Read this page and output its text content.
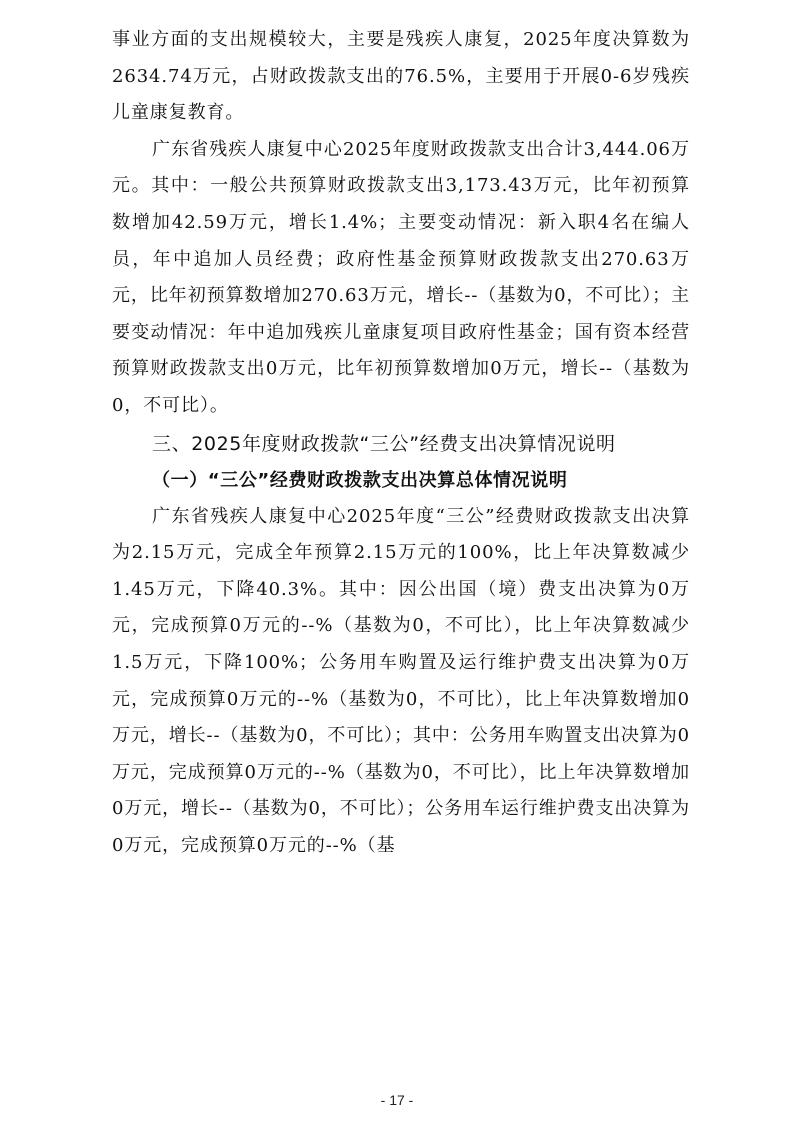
事业方面的支出规模较大，主要是残疾人康复，2025年度决算数为2634.74万元，占财政拨款支出的76.5%，主要用于开展0-6岁残疾儿童康复教育。

广东省残疾人康复中心2025年度财政拨款支出合计3,444.06万元。其中：一般公共预算财政拨款支出3,173.43万元，比年初预算数增加42.59万元，增长1.4%；主要变动情况：新入职4名在编人员，年中追加人员经费；政府性基金预算财政拨款支出270.63万元，比年初预算数增加270.63万元，增长--（基数为0，不可比）；主要变动情况：年中追加残疾儿童康复项目政府性基金；国有资本经营预算财政拨款支出0万元，比年初预算数增加0万元，增长--（基数为0，不可比）。

三、2025年度财政拨款“三公”经费支出决算情况说明

（一）“三公”经费财政拨款支出决算总体情况说明

广东省残疾人康复中心2025年度“三公”经费财政拨款支出决算为2.15万元，完成全年预算2.15万元的100%，比上年决算数减少1.45万元，下降40.3%。其中：因公出国（境）费支出决算为0万元，完成预算0万元的--%（基数为0，不可比），比上年决算数减少1.5万元，下降100%；公务用车购置及运行维护费支出决算为0万元，完成预算0万元的--%（基数为0，不可比），比上年决算数增加0万元，增长--（基数为0，不可比）；其中：公务用车购置支出决算为0万元，完成预算0万元的--%（基数为0，不可比），比上年决算数增加0万元，增长--（基数为0，不可比）；公务用车运行维护费支出决算为0万元，完成预算0万元的--%（基

- 17 -
